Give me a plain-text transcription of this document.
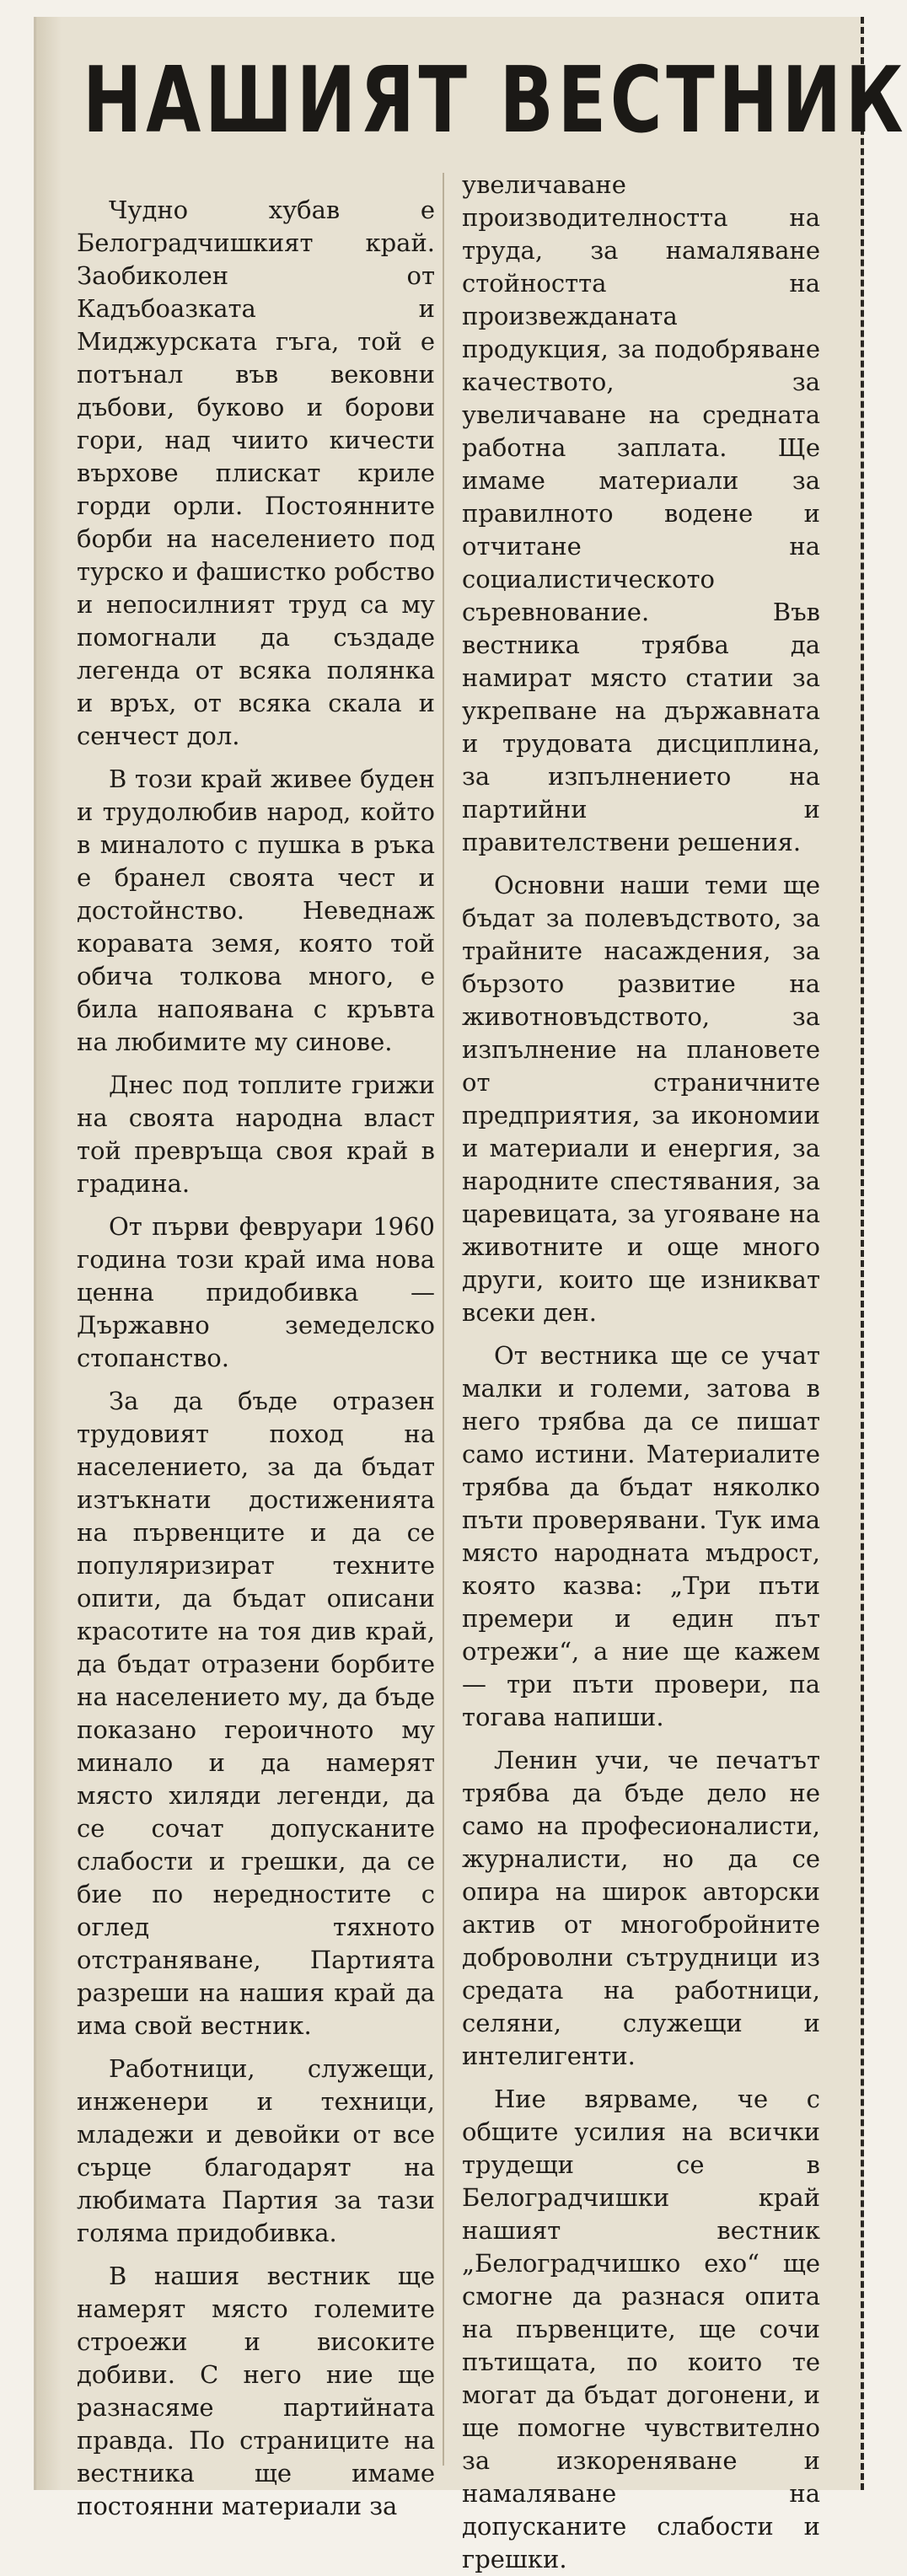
НАШИЯТ ВЕСТНИК

Чудно хубав е Белоградчишкият край. Заобиколен от Кадъбоазката и Миджурската гъга, той е потънал във вековни дъбови, буково и борови гори, над чиито кичести върхове плискат криле горди орли. Постоянните борби на населението под турско и фашистко робство и непосилният труд са му помогнали да създаде легенда от всяка полянка и връх, от всяка скала и сенчест дол.

В този край живее буден и трудолюбив народ, който в миналото с пушка в ръка е бранел своята чест и достойнство. Неведнаж коравата земя, която той обича толкова много, е била напоявана с кръвта на любимите му синове.

Днес под топлите грижи на своята народна власт той превръща своя край в градина.

От първи февруари 1960 година този край има нова ценна придобивка — Държавно земеделско стопанство.

За да бъде отразен трудовият поход на населението, за да бъдат изтъкнати достиженията на първенците и да се популяризират техните опити, да бъдат описани красотите на тоя див край, да бъдат отразени борбите на населението му, да бъде показано героичното му минало и да намерят място хиляди легенди, да се сочат допусканите слабости и грешки, да се бие по нередностите с оглед тяхното отстраняване, Партията разреши на нашия край да има свой вестник.

Работници, служещи, инженери и техници, младежи и девойки от все сърце благодарят на любимата Партия за тази голяма придобивка.

В нашия вестник ще намерят място големите строежи и високите добиви. С него ние ще разнасяме партийната правда. По страниците на вестника ще имаме постоянни материали за

увеличаване производителността на труда, за намаляване стойността на произвежданата продукция, за подобряване качеството, за увеличаване на средната работна заплата. Ще имаме материали за правилното водене и отчитане на социалистическото съревнование. Във вестника трябва да намират място статии за укрепване на държавната и трудовата дисциплина, за изпълнението на партийни и правителствени решения.

Основни наши теми ще бъдат за полевъдството, за трайните насаждения, за бързото развитие на животновъдството, за изпълнение на плановете от страничните предприятия, за икономии и материали и енергия, за народните спестявания, за царевицата, за угояване на животните и още много други, които ще изникват всеки ден.

От вестника ще се учат малки и големи, затова в него трябва да се пишат само истини. Материалите трябва да бъдат няколко пъти проверявани. Тук има място народната мъдрост, която казва: „Три пъти премери и един път отрежи“, а ние ще кажем — три пъти провери, па тогава напиши.

Ленин учи, че печатът трябва да бъде дело не само на професионалисти, журналисти, но да се опира на широк авторски актив от многобройните доброволни сътрудници из средата на работници, селяни, служещи и интелигенти.

Ние вярваме, че с общите усилия на всички трудещи се в Белоградчишки край нашият вестник „Белоградчишко ехо“ ще смогне да разнася опита на първенците, ще сочи пътищата, по които те могат да бъдат догонени, и ще помогне чувствително за изкореняване и намаляване на допусканите слабости и грешки.
